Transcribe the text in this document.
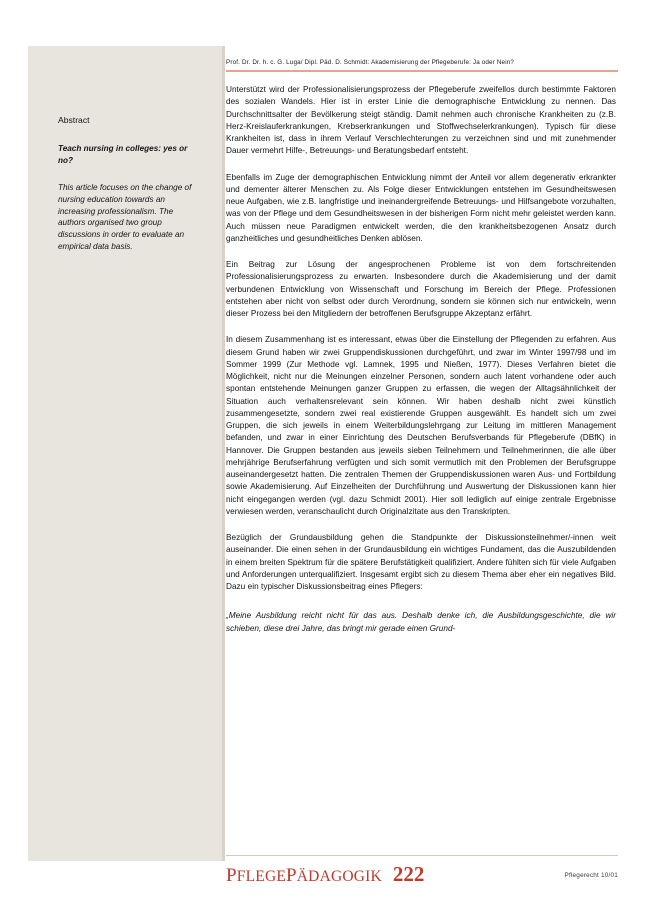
Prof. Dr. Dr. h. c. G. Luga/ Dipl. Päd. D. Schmidt: Akademisierung der Pflegeberufe: Ja oder Nein?
Abstract
Teach nursing in colleges: yes or no?
This article focuses on the change of nursing education towards an increasing professionalism. The authors organised two group discussions in order to evaluate an empirical data basis.

Unterstützt wird der Professionalisierungsprozess der Pflegeberufe zweifellos durch bestimmte Faktoren des sozialen Wandels. Hier ist in erster Linie die demographische Entwicklung zu nennen. Das Durchschnittsalter der Bevölkerung steigt ständig. Damit nehmen auch chronische Krankheiten zu (z.B. Herz-Kreislauferkrankungen, Krebserkrankungen und Stoffwechselerkrankungen). Typisch für diese Krankheiten ist, dass in ihrem Verlauf Verschlechterungen zu verzeichnen sind und mit zunehmender Dauer vermehrt Hilfe-, Betreuungs- und Beratungsbedarf entsteht.

Ebenfalls im Zuge der demographischen Entwicklung nimmt der Anteil vor allem degenerativ erkrankter und dementer älterer Menschen zu. Als Folge dieser Entwicklungen entstehen im Gesundheitswesen neue Aufgaben, wie z.B. langfristige und ineinandergreifende Betreuungs- und Hilfsangebote vorzuhalten, was von der Pflege und dem Gesundheitswesen in der bisherigen Form nicht mehr geleistet werden kann. Auch müssen neue Paradigmen entwickelt werden, die den krankheitsbezogenen Ansatz durch ganzheitliches und gesundheitliches Denken ablösen.

Ein Beitrag zur Lösung der angesprochenen Probleme ist von dem fortschreitenden Professionalisierungsprozess zu erwarten. Insbesondere durch die Akademisierung und der damit verbundenen Entwicklung von Wissenschaft und Forschung im Bereich der Pflege. Professionen entstehen aber nicht von selbst oder durch Verordnung, sondern sie können sich nur entwickeln, wenn dieser Prozess bei den Mitgliedern der betroffenen Berufsgruppe Akzeptanz erfährt.

In diesem Zusammenhang ist es interessant, etwas über die Einstellung der Pflegenden zu erfahren. Aus diesem Grund haben wir zwei Gruppendiskussionen durchgeführt, und zwar im Winter 1997/98 und im Sommer 1999 (Zur Methode vgl. Lamnek, 1995 und Nießen, 1977). Dieses Verfahren bietet die Möglichkeit, nicht nur die Meinungen einzelner Personen, sondern auch latent vorhandene oder auch spontan entstehende Meinungen ganzer Gruppen zu erfassen, die wegen der Alltagsähnlichkeit der Situation auch verhaltensrelevant sein können. Wir haben deshalb nicht zwei künstlich zusammengesetzte, sondern zwei real existierende Gruppen ausgewählt. Es handelt sich um zwei Gruppen, die sich jeweils in einem Weiterbildungslehrgang zur Leitung im mittleren Management befanden, und zwar in einer Einrichtung des Deutschen Berufsverbands für Pflegeberufe (DBfK) in Hannover. Die Gruppen bestanden aus jeweils sieben Teilnehmern und Teilnehmerinnen, die alle über mehrjährige Berufserfahrung verfügten und sich somit vermutlich mit den Problemen der Berufsgruppe auseinandergesetzt hatten. Die zentralen Themen der Gruppendiskussionen waren Aus- und Fortbildung sowie Akademisierung. Auf Einzelheiten der Durchführung und Auswertung der Diskussionen kann hier nicht eingegangen werden (vgl. dazu Schmidt 2001). Hier soll lediglich auf einige zentrale Ergebnisse verwiesen werden, veranschaulicht durch Originalzitate aus den Transkripten.

Bezüglich der Grundausbildung gehen die Standpunkte der Diskussionsteilnehmer/-innen weit auseinander. Die einen sehen in der Grundausbildung ein wichtiges Fundament, das die Auszubildenden in einem breiten Spektrum für die spätere Berufstätigkeit qualifiziert. Andere fühlten sich für viele Aufgaben und Anforderungen unterqualifiziert. Insgesamt ergibt sich zu diesem Thema aber eher ein negatives Bild. Dazu ein typischer Diskussionsbeitrag eines Pflegers:

„Meine Ausbildung reicht nicht für das aus. Deshalb denke ich, die Ausbildungsgeschichte, die wir schieben, diese drei Jahre, das bringt mir gerade einen Grund-

PFLEGEPÄDAGOGIK 222	Pflegerecht 10/01
